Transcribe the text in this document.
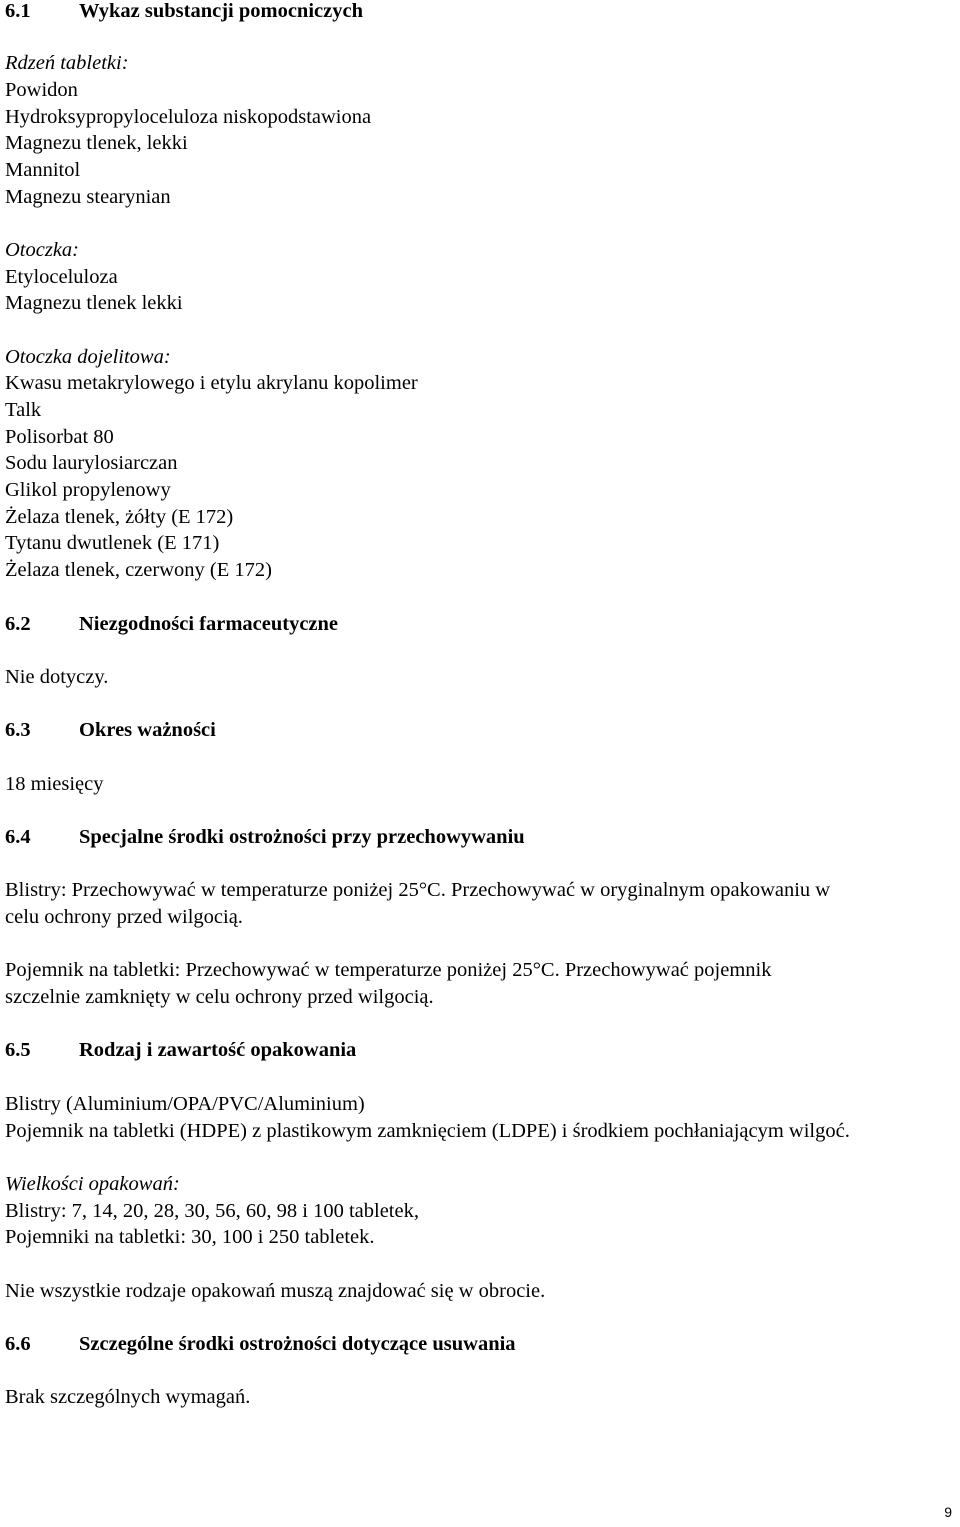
6.1 Wykaz substancji pomocniczych
Rdzeń tabletki:
Powidon
Hydroksypropyloceluloza niskopodstawiona
Magnezu tlenek, lekki
Mannitol
Magnezu stearynian
Otoczka:
Etyloceluloza
Magnezu tlenek lekki
Otoczka dojelitowa:
Kwasu metakrylowego i etylu akrylanu kopolimer
Talk
Polisorbat 80
Sodu laurylosiarczan
Glikol propylenowy
Żelaza tlenek, żółty (E 172)
Tytanu dwutlenek (E 171)
Żelaza tlenek, czerwony (E 172)
6.2 Niezgodności farmaceutyczne
Nie dotyczy.
6.3 Okres ważności
18 miesięcy
6.4 Specjalne środki ostrożności przy przechowywaniu
Blistry: Przechowywać w temperaturze poniżej 25°C. Przechowywać w oryginalnym opakowaniu w
celu ochrony przed wilgocią.
Pojemnik na tabletki: Przechowywać w temperaturze poniżej 25°C. Przechowywać pojemnik
szczelnie zamknięty w celu ochrony przed wilgocią.
6.5 Rodzaj i zawartość opakowania
Blistry (Aluminium/OPA/PVC/Aluminium)
Pojemnik na tabletki (HDPE) z plastikowym zamknięciem (LDPE) i środkiem pochłaniającym wilgoć.
Wielkości opakowań:
Blistry: 7, 14, 20, 28, 30, 56, 60, 98 i 100 tabletek,
Pojemniki na tabletki: 30, 100 i 250 tabletek.
Nie wszystkie rodzaje opakowań muszą znajdować się w obrocie.
6.6 Szczególne środki ostrożności dotyczące usuwania
Brak szczególnych wymagań.
9
